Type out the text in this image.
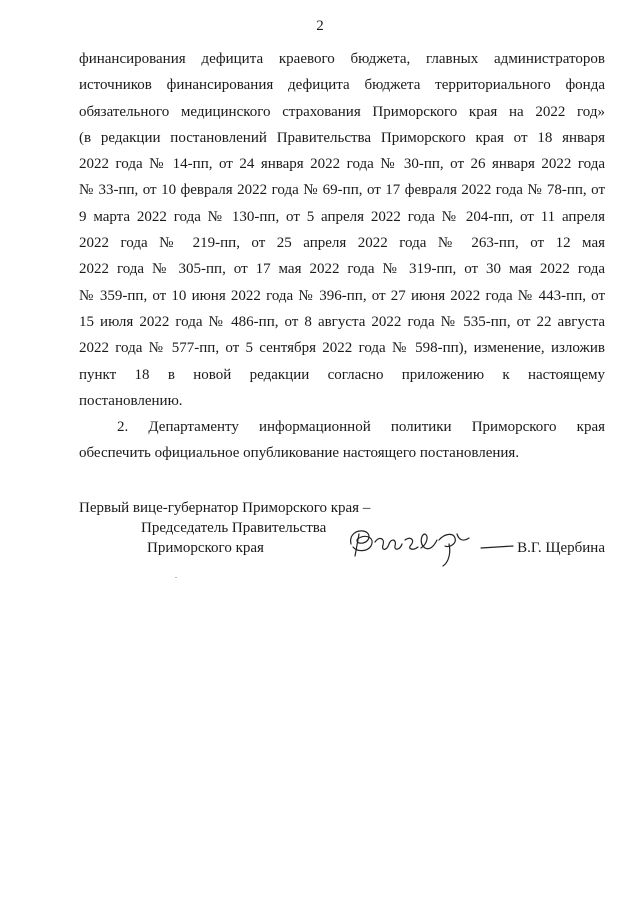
2
финансирования дефицита краевого бюджета, главных администраторов
источников финансирования дефицита бюджета территориального фонда
обязательного медицинского страхования Приморского края на 2022 год»
(в редакции постановлений Правительства Приморского края от 18 января
2022 года № 14-пп, от 24 января 2022 года № 30-пп, от 26 января 2022 года
№ 33-пп, от 10 февраля 2022 года № 69-пп, от 17 февраля 2022 года № 78-пп, от
9 марта 2022 года № 130-пп, от 5 апреля 2022 года № 204-пп, от 11 апреля
2022 года № 219-пп, от 25 апреля 2022 года № 263-пп, от 12 мая
2022 года № 305-пп, от 17 мая 2022 года № 319-пп, от 30 мая 2022 года
№ 359-пп, от 10 июня 2022 года № 396-пп, от 27 июня 2022 года № 443-пп, от
15 июля 2022 года № 486-пп, от 8 августа 2022 года № 535-пп, от 22 августа
2022 года № 577-пп, от 5 сентября 2022 года № 598-пп), изменение, изложив
пункт 18 в новой редакции согласно приложению к настоящему
постановлению.
2. Департаменту информационной политики Приморского края
обеспечить официальное опубликование настоящего постановления.
Первый вице-губернатор Приморского края –
Председатель Правительства
Приморского края	В.Г. Щербина
